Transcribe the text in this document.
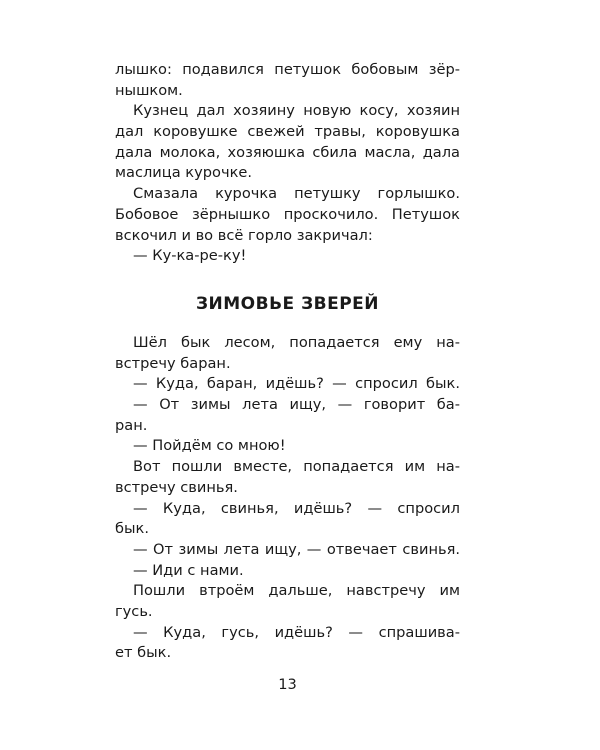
лышко: подавился петушок бобовым зёр-
нышком.
Кузнец дал хозяину новую косу, хозяин
дал коровушке свежей травы, коровушка
дала молока, хозяюшка сбила масла, дала
маслица курочке.
Смазала курочка петушку горлышко.
Бобовое зёрнышко проскочило. Петушок
вскочил и во всё горло закричал:
— Ку-ка-ре-ку!
ЗИМОВЬЕ ЗВЕРЕЙ
Шёл бык лесом, попадается ему на-
встречу баран.
— Куда, баран, идёшь? — спросил бык.
— От зимы лета ищу, — говорит ба-
ран.
— Пойдём со мною!
Вот пошли вместе, попадается им на-
встречу свинья.
— Куда, свинья, идёшь? — спросил
бык.
— От зимы лета ищу, — отвечает свинья.
— Иди с нами.
Пошли втроём дальше, навстречу им
гусь.
— Куда, гусь, идёшь? — спрашива-
ет бык.
13
